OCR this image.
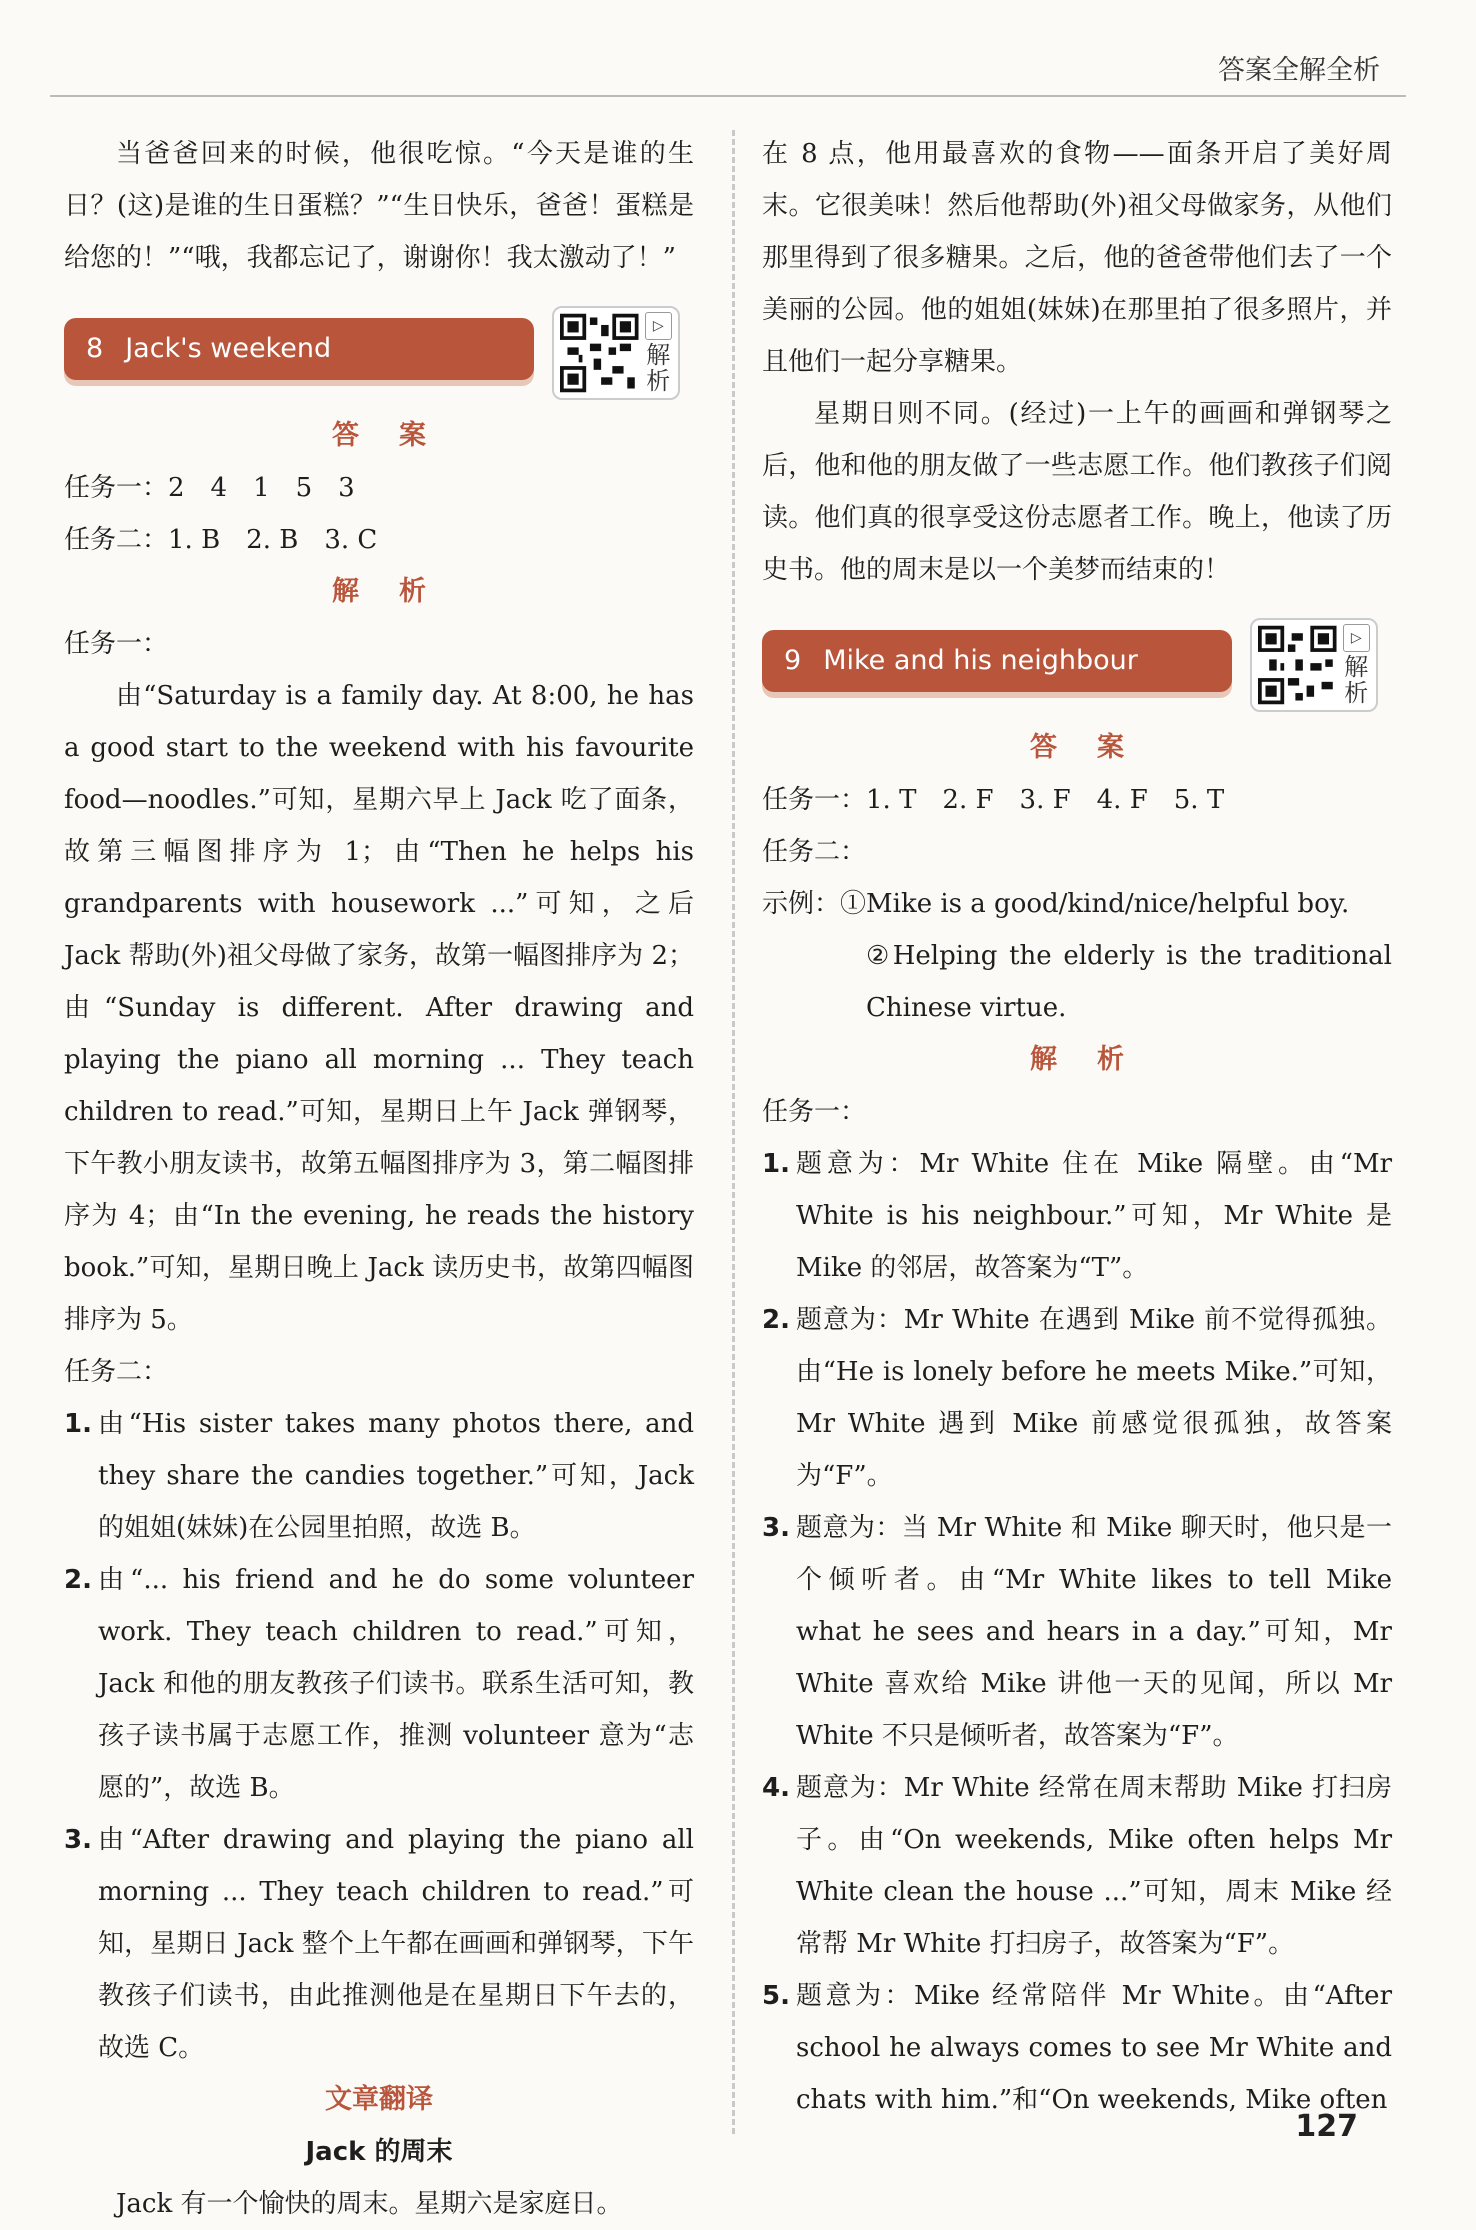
答案全解全析

当爸爸回来的时候，他很吃惊。“今天是谁的生日？(这)是谁的生日蛋糕？”“生日快乐，爸爸！蛋糕是给您的！”“哦，我都忘记了，谢谢你！我太激动了！”

8 Jack's weekend
▷
解析
答案

任务一：2　4　1　5　3

任务二：1. B　2. B　3. C

解析

任务一：

由“Saturday is a family day. At 8:00, he has a good start to the weekend with his favourite food—noodles.”可知，星期六早上 Jack 吃了面条，故第三幅图排序为 1；由“Then he helps his grandparents with housework ...”可知，之后 Jack 帮助(外)祖父母做了家务，故第一幅图排序为 2；由“Sunday is different. After drawing and playing the piano all morning ... They teach children to read.”可知，星期日上午 Jack 弹钢琴，下午教小朋友读书，故第五幅图排序为 3，第二幅图排序为 4；由“In the evening, he reads the history book.”可知，星期日晚上 Jack 读历史书，故第四幅图排序为 5。

任务二：

1. 由“His sister takes many photos there, and they share the candies together.”可知，Jack 的姐姐(妹妹)在公园里拍照，故选 B。

2. 由“... his friend and he do some volunteer work. They teach children to read.”可知，Jack 和他的朋友教孩子们读书。联系生活可知，教孩子读书属于志愿工作，推测 volunteer 意为“志愿的”，故选 B。

3. 由“After drawing and playing the piano all morning ... They teach children to read.”可知，星期日 Jack 整个上午都在画画和弹钢琴，下午教孩子们读书，由此推测他是在星期日下午去的，故选 C。

文章翻译
Jack 的周末

Jack 有一个愉快的周末。星期六是家庭日。

在 8 点，他用最喜欢的食物——面条开启了美好周末。它很美味！然后他帮助(外)祖父母做家务，从他们那里得到了很多糖果。之后，他的爸爸带他们去了一个美丽的公园。他的姐姐(妹妹)在那里拍了很多照片，并且他们一起分享糖果。

星期日则不同。(经过)一上午的画画和弹钢琴之后，他和他的朋友做了一些志愿工作。他们教孩子们阅读。他们真的很享受这份志愿者工作。晚上，他读了历史书。他的周末是以一个美梦而结束的！

9 Mike and his neighbour
▷
解析
答案

任务一：1. T　2. F　3. F　4. F　5. T

任务二：

示例：①Mike is a good/kind/nice/helpful boy.

②Helping the elderly is the traditional Chinese virtue.

解析

任务一：

1. 题意为：Mr White 住在 Mike 隔壁。由“Mr White is his neighbour.”可知，Mr White 是 Mike 的邻居，故答案为“T”。

2. 题意为：Mr White 在遇到 Mike 前不觉得孤独。由“He is lonely before he meets Mike.”可知，Mr White 遇到 Mike 前感觉很孤独，故答案为“F”。

3. 题意为：当 Mr White 和 Mike 聊天时，他只是一个倾听者。由“Mr White likes to tell Mike what he sees and hears in a day.”可知，Mr White 喜欢给 Mike 讲他一天的见闻，所以 Mr White 不只是倾听者，故答案为“F”。

4. 题意为：Mr White 经常在周末帮助 Mike 打扫房子。由“On weekends, Mike often helps Mr White clean the house ...”可知，周末 Mike 经常帮 Mr White 打扫房子，故答案为“F”。

5. 题意为：Mike 经常陪伴 Mr White。由“After school he always comes to see Mr White and chats with him.”和“On weekends, Mike often

127
